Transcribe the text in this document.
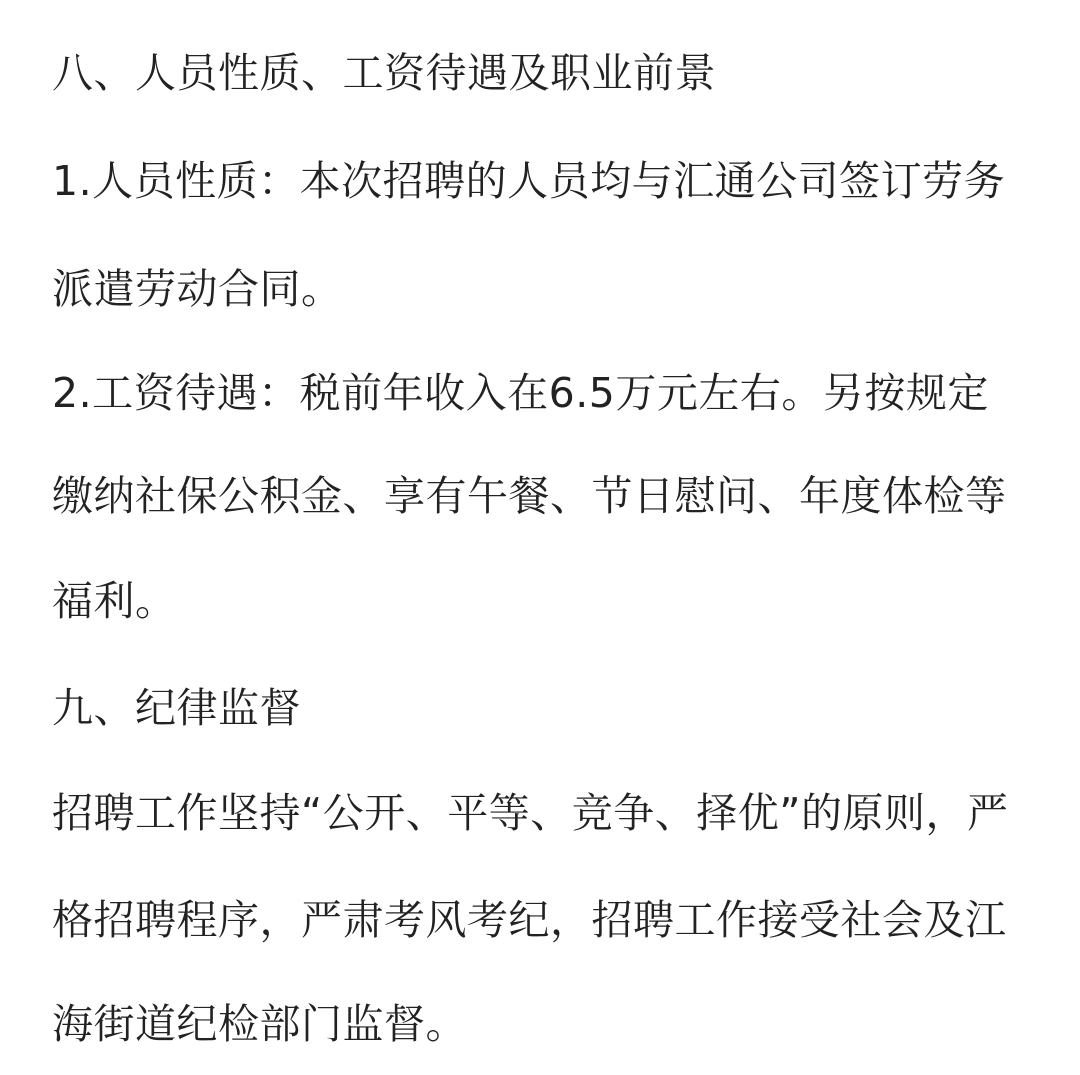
八、人员性质、工资待遇及职业前景
1.人员性质：本次招聘的人员均与汇通公司签订劳务
派遣劳动合同。
2.工资待遇：税前年收入在6.5万元左右。另按规定
缴纳社保公积金、享有午餐、节日慰问、年度体检等
福利。
九、纪律监督
招聘工作坚持“公开、平等、竞争、择优”的原则，严
格招聘程序，严肃考风考纪，招聘工作接受社会及江
海街道纪检部门监督。
